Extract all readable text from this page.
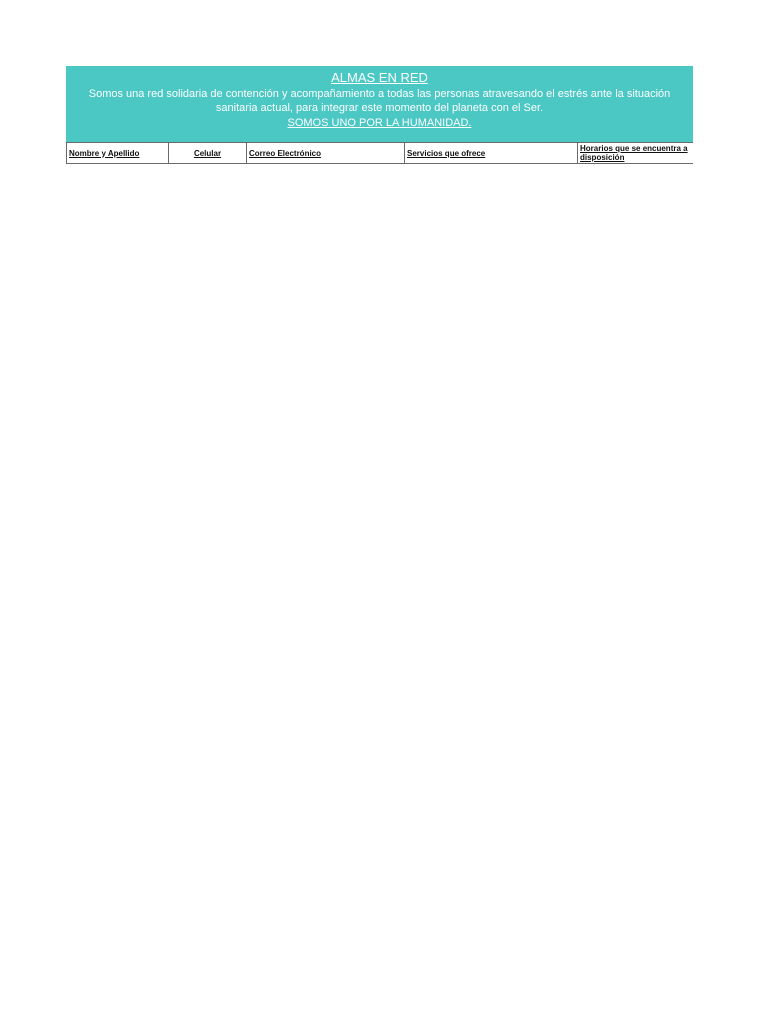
ALMAS EN RED
Somos una red solidaria de contención y acompañamiento a todas las personas atravesando el estrés ante la situación sanitaria actual, para integrar este momento del planeta con el Ser.
SOMOS UNO POR LA HUMANIDAD.
Nombre y Apellido	Celular	Correo Electrónico	Servicios que ofrece	Horarios que se encuentra a disposición
